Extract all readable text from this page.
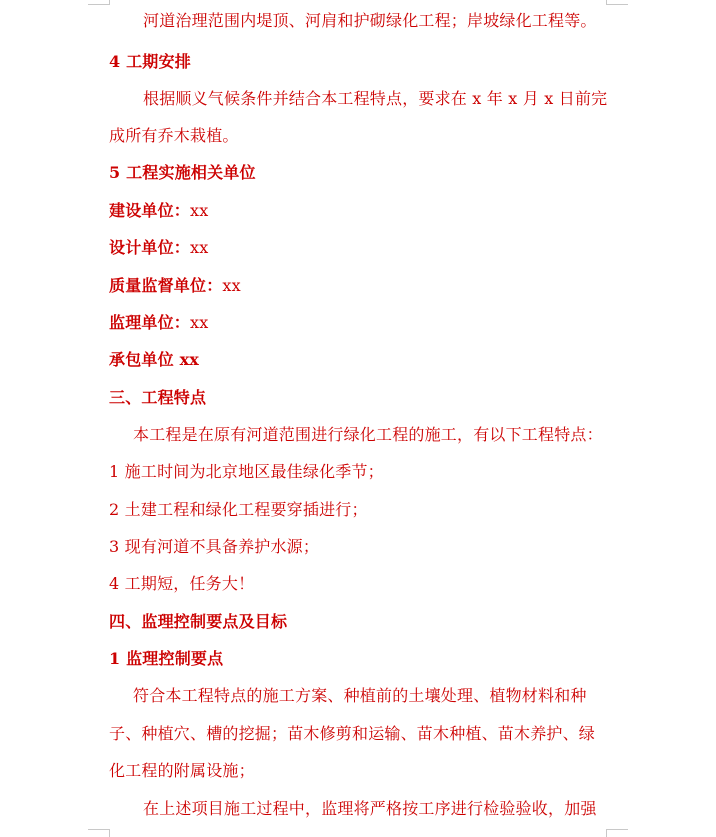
河道治理范围内堤顶、河肩和护砌绿化工程；岸坡绿化工程等。
4 工期安排
根据顺义气候条件并结合本工程特点，要求在 x 年 x 月 x 日前完
成所有乔木栽植。
5 工程实施相关单位
建设单位：xx
设计单位：xx
质量监督单位：xx
监理单位：xx
承包单位 xx
三、工程特点
本工程是在原有河道范围进行绿化工程的施工，有以下工程特点：
1 施工时间为北京地区最佳绿化季节；
2 土建工程和绿化工程要穿插进行；
3 现有河道不具备养护水源；
4 工期短，任务大！
四、监理控制要点及目标
1 监理控制要点
符合本工程特点的施工方案、种植前的土壤处理、植物材料和种
子、种植穴、槽的挖掘；苗木修剪和运输、苗木种植、苗木养护、绿
化工程的附属设施；
在上述项目施工过程中，监理将严格按工序进行检验验收，加强
